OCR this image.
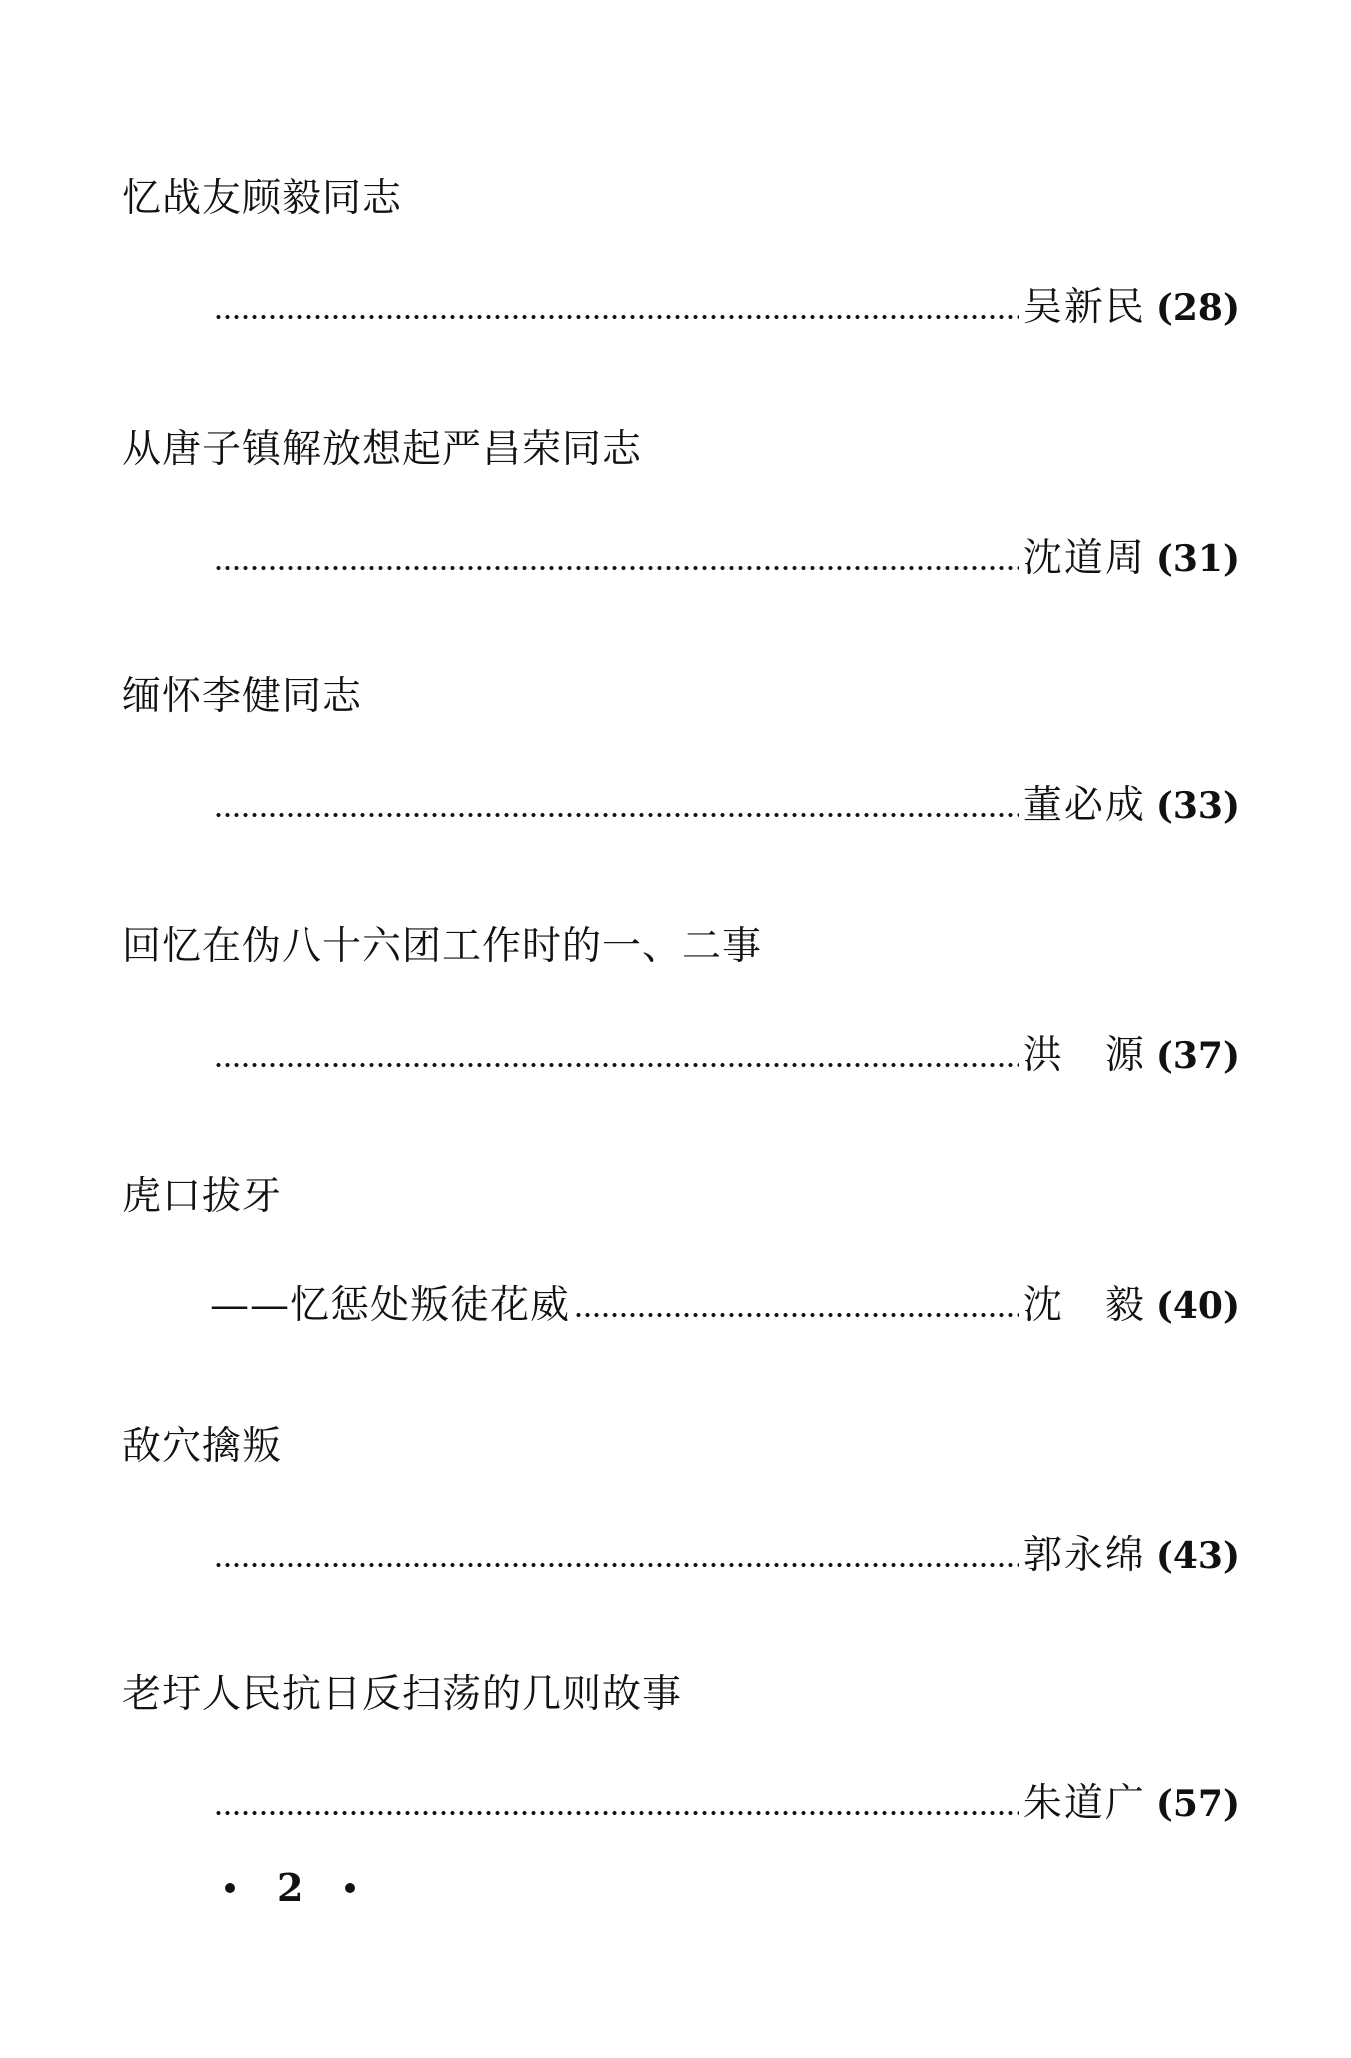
忆战友顾毅同志
吴新民 (28)
从唐子镇解放想起严昌荣同志
沈道周 (31)
缅怀李健同志
董必成 (33)
回忆在伪八十六团工作时的一、二事
洪　源 (37)
虎口拔牙
——忆惩处叛徒花威	沈　毅 (40)
敌穴擒叛
郭永绵 (43)
老圩人民抗日反扫荡的几则故事
朱道广 (57)
2
